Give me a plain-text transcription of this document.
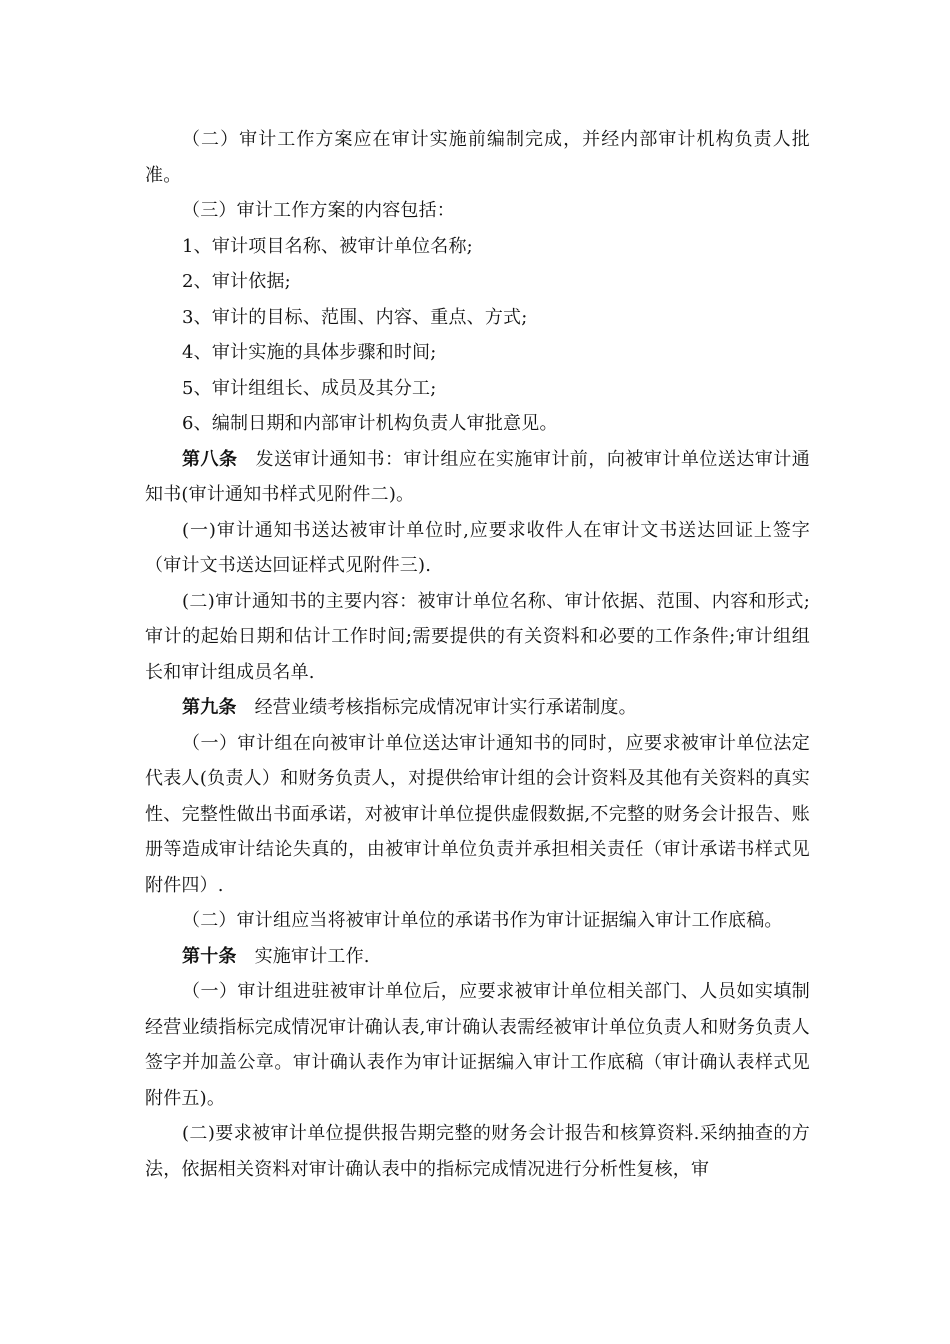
（二）审计工作方案应在审计实施前编制完成，并经内部审计机构负责人批准。

（三）审计工作方案的内容包括：

1、审计项目名称、被审计单位名称;

2、审计依据;

3、审计的目标、范围、内容、重点、方式;

4、审计实施的具体步骤和时间;

5、审计组组长、成员及其分工;

6、编制日期和内部审计机构负责人审批意见。

第八条 发送审计通知书：审计组应在实施审计前，向被审计单位送达审计通知书(审计通知书样式见附件二)。

(一)审计通知书送达被审计单位时,应要求收件人在审计文书送达回证上签字（审计文书送达回证样式见附件三).

(二)审计通知书的主要内容：被审计单位名称、审计依据、范围、内容和形式;审计的起始日期和估计工作时间;需要提供的有关资料和必要的工作条件;审计组组长和审计组成员名单.

第九条 经营业绩考核指标完成情况审计实行承诺制度。

（一）审计组在向被审计单位送达审计通知书的同时，应要求被审计单位法定代表人(负责人）和财务负责人，对提供给审计组的会计资料及其他有关资料的真实性、完整性做出书面承诺，对被审计单位提供虚假数据,不完整的财务会计报告、账册等造成审计结论失真的，由被审计单位负责并承担相关责任（审计承诺书样式见附件四）.

（二）审计组应当将被审计单位的承诺书作为审计证据编入审计工作底稿。

第十条 实施审计工作.

（一）审计组进驻被审计单位后，应要求被审计单位相关部门、人员如实填制经营业绩指标完成情况审计确认表,审计确认表需经被审计单位负责人和财务负责人签字并加盖公章。审计确认表作为审计证据编入审计工作底稿（审计确认表样式见附件五)。

(二)要求被审计单位提供报告期完整的财务会计报告和核算资料.采纳抽查的方法，依据相关资料对审计确认表中的指标完成情况进行分析性复核，审
